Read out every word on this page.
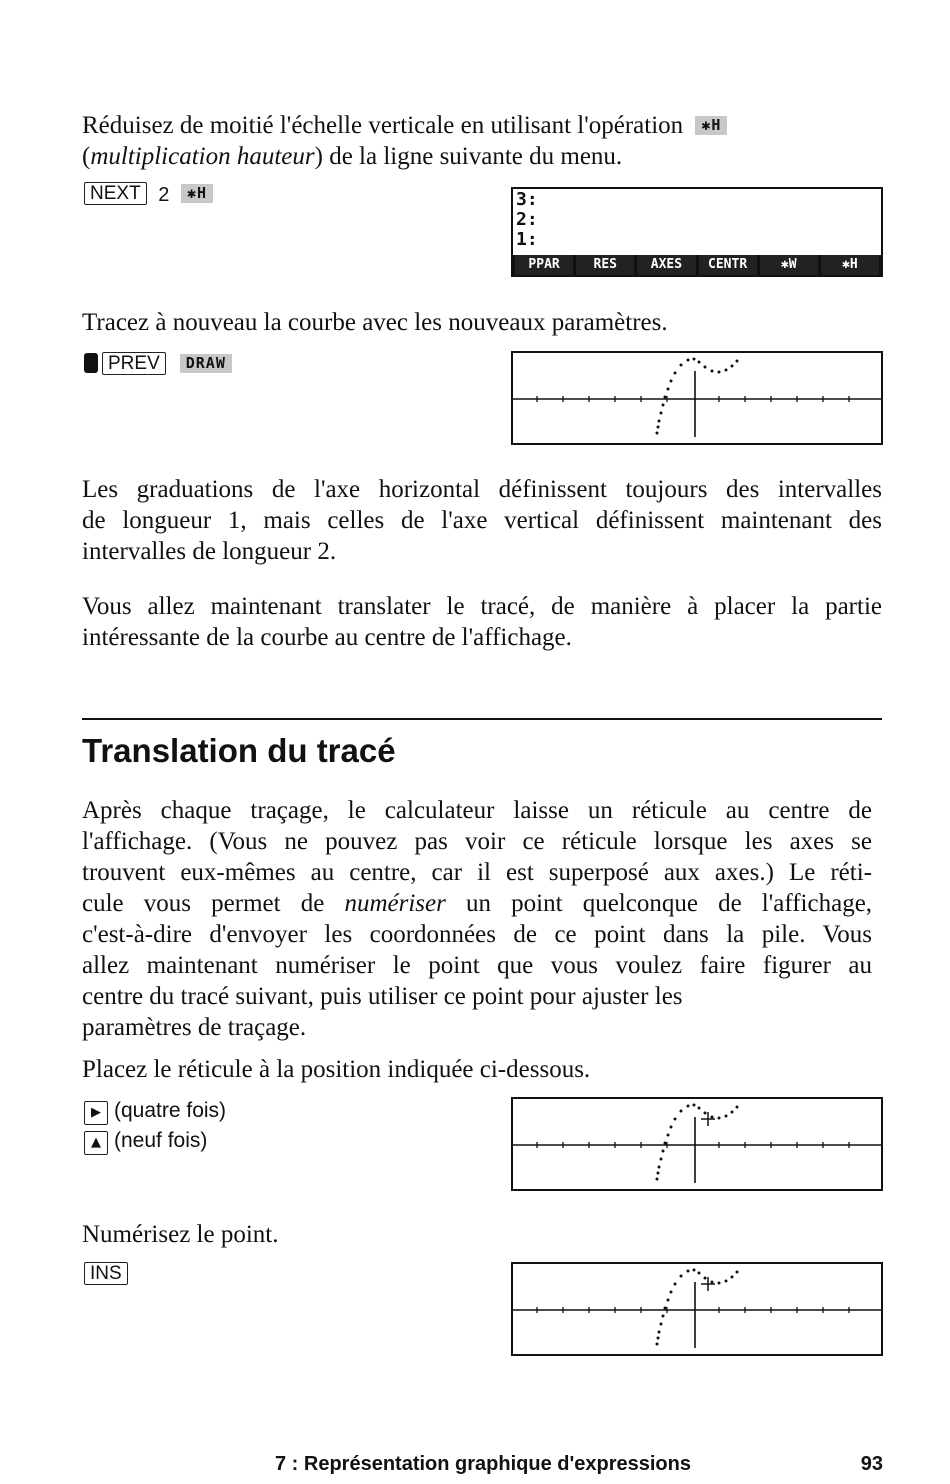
Réduisez de moitié l'échelle verticale en utilisant l'opération ✱H
(multiplication hauteur) de la ligne suivante du menu.
NEXT 2 ✱H	3:
2:
1:
PPAR	RES	AXES	CENTR	✱W	✱H
Tracez à nouveau la courbe avec les nouveaux paramètres.
PREV DRAW
Les graduations de l'axe horizontal définissent toujours des intervalles
de longueur 1, mais celles de l'axe vertical définissent maintenant des
intervalles de longueur 2.
Vous allez maintenant translater le tracé, de manière à placer la partie
intéressante de la courbe au centre de l'affichage.
Translation du tracé
Après chaque traçage, le calculateur laisse un réticule au centre de
l'affichage. (Vous ne pouvez pas voir ce réticule lorsque les axes se
trouvent eux-mêmes au centre, car il est superposé aux axes.) Le réti-
cule vous permet de numériser un point quelconque de l'affichage,
c'est-à-dire d'envoyer les coordonnées de ce point dans la pile. Vous
allez maintenant numériser le point que vous voulez faire figurer au
centre du tracé suivant, puis utiliser ce point pour ajuster les
paramètres de traçage.
Placez le réticule à la position indiquée ci-dessous.
▶ (quatre fois)
▲ (neuf fois)
Numérisez le point.
INS
7 : Représentation graphique d'expressions	93
